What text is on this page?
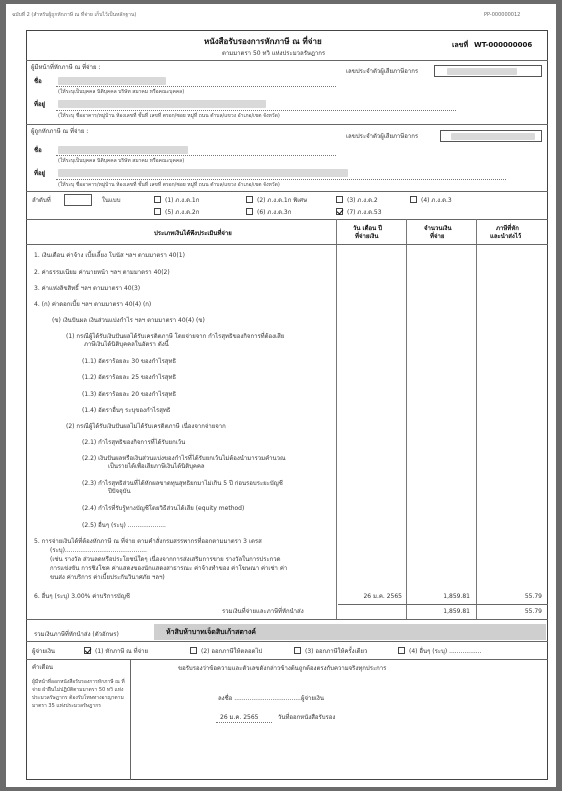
ฉบับที่ 2 (สำหรับผู้ถูกหักภาษี ณ ที่จ่าย เก็บไว้เป็นหลักฐาน)	PP-000000012
หนังสือรับรองการหักภาษี ณ ที่จ่าย
ตามมาตรา 50 ทวิ แห่งประมวลรัษฎากร
เลขที่ WT-000000006
ผู้มีหน้าที่หักภาษี ณ ที่จ่าย :
เลขประจำตัวผู้เสียภาษีอากร
ชื่อ
(ให้ระบุเป็นบุคคล นิติบุคคล บริษัท สมาคม หรือคณะบุคคล)
ที่อยู่
(ให้ระบุ ชื่ออาคาร/หมู่บ้าน ห้องเลขที่ ชั้นที่ เลขที่ ตรอก/ซอย หมู่ที่ ถนน ตำบล/แขวง อำเภอ/เขต จังหวัด)
ผู้ถูกหักภาษี ณ ที่จ่าย :
เลขประจำตัวผู้เสียภาษีอากร
ชื่อ
(ให้ระบุเป็นบุคคล นิติบุคคล บริษัท สมาคม หรือคณะบุคคล)
ที่อยู่
(ให้ระบุ ชื่ออาคาร/หมู่บ้าน ห้องเลขที่ ชั้นที่ เลขที่ ตรอก/ซอย หมู่ที่ ถนน ตำบล/แขวง อำเภอ/เขต จังหวัด)
ลำดับที่	ในแบบ	(1) ภ.ง.ด.1ก	(2) ภ.ง.ด.1ก พิเศษ	(3) ภ.ง.ด.2	(4) ภ.ง.ด.3
(5) ภ.ง.ด.2ก	(6) ภ.ง.ด.3ก	(7) ภ.ง.ด.53
ประเภทเงินได้พึงประเมินที่จ่าย
วัน เดือน ปี
ที่จ่ายเงิน
จำนวนเงิน
ที่จ่าย
ภาษีที่หัก
และนำส่งไว้
1. เงินเดือน ค่าจ้าง เบี้ยเลี้ยง โบนัส ฯลฯ ตามมาตรา 40(1)
2. ค่าธรรมเนียม ค่านายหน้า ฯลฯ ตามมาตรา 40(2)
3. ค่าแห่งลิขสิทธิ์ ฯลฯ ตามมาตรา 40(3)
4. (ก) ค่าดอกเบี้ย ฯลฯ ตามมาตรา 40(4) (ก)
(ข) เงินปันผล เงินส่วนแบ่งกำไร ฯลฯ ตามมาตรา 40(4) (ข)
(1) กรณีผู้ได้รับเงินปันผลได้รับเครดิตภาษี โดยจ่ายจาก กำไรสุทธิของกิจการที่ต้องเสีย
ภาษีเงินได้นิติบุคคลในอัตรา ดังนี้
(1.1) อัตราร้อยละ 30 ของกำไรสุทธิ
(1.2) อัตราร้อยละ 25 ของกำไรสุทธิ
(1.3) อัตราร้อยละ 20 ของกำไรสุทธิ
(1.4) อัตราอื่นๆ ระบุของกำไรสุทธิ
(2) กรณีผู้ได้รับเงินปันผลไม่ได้รับเครดิตภาษี เนื่องจากจ่ายจาก
(2.1) กำไรสุทธิของกิจการที่ได้รับยกเว้น
(2.2) เงินปันผลหรือเงินส่วนแบ่งของกำไรที่ได้รับยกเว้นไม่ต้องนำมารวมคำนวณ
เป็นรายได้เพื่อเสียภาษีเงินได้นิติบุคคล
(2.3) กำไรสุทธิส่วนที่ได้หักผลขาดทุนสุทธิยกมาไม่เกิน 5 ปี ก่อนรอบระยะบัญชี
ปีปัจจุบัน
(2.4) กำไรที่รับรู้ทางบัญชีโดยวิธีส่วนได้เสีย (equity method)
(2.5) อื่นๆ (ระบุ) ....................
5. การจ่ายเงินได้ที่ต้องหักภาษี ณ ที่จ่าย ตามคำสั่งกรมสรรพากรที่ออกตามมาตรา 3 เตรส
(ระบุ)...........................................
(เช่น รางวัล ส่วนลดหรือประโยชน์ใดๆ เนื่องจากการส่งเสริมการขาย รางวัลในการประกวด
การแข่งขัน การชิงโชค ค่าแสดงของนักแสดงสาธารณะ ค่าจ้างทำของ ค่าโฆษณา ค่าเช่า ค่า
ขนส่ง ค่าบริการ ค่าเบี้ยประกันวินาศภัย ฯลฯ)
6. อื่นๆ (ระบุ) 3.00% ค่าบริการบัญชี	26 ม.ค. 2565	1,859.81	55.79
รวมเงินที่จ่ายและภาษีที่หักนำส่ง	1,859.81	55.79
รวมเงินภาษีที่หักนำส่ง (ตัวอักษร)	ห้าสิบห้าบาทเจ็ดสิบเก้าสตางค์
ผู้จ่ายเงิน	(1) หักภาษี ณ ที่จ่าย	(2) ออกภาษีให้ตลอดไป	(3) ออกภาษีให้ครั้งเดียว	(4) อื่นๆ (ระบุ) .................
คำเตือน
ผู้มีหน้าที่ออกหนังสือรับรองการหักภาษี ณ ที่
จ่าย ฝ่าฝืนไม่ปฏิบัติตามมาตรา 50 ทวิ แห่ง
ประมวลรัษฎากร ต้องรับโทษทางอาญาตาม
มาตรา 35 แห่งประมวลรัษฎากร
ขอรับรองว่าข้อความและตัวเลขดังกล่าวข้างต้นถูกต้องตรงกับความจริงทุกประการ
ลงชื่อ ...................................ผู้จ่ายเงิน
26 ม.ค. 2565	วันที่ออกหนังสือรับรอง
